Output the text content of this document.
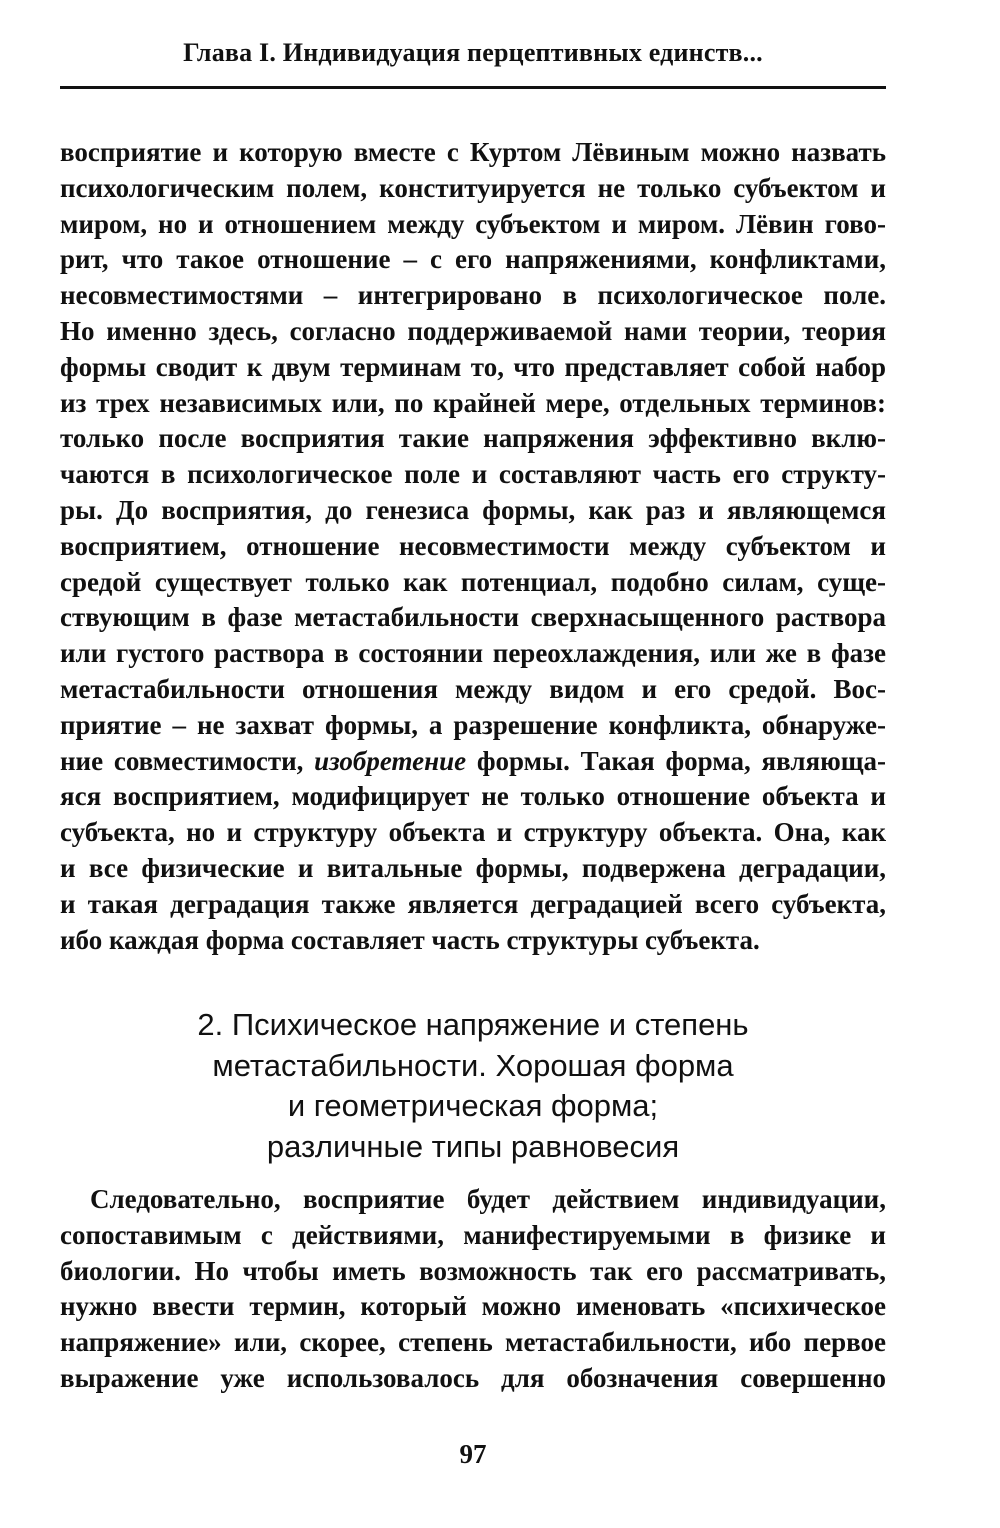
Глава I. Индивидуация перцептивных единств...
восприятие и которую вместе с Куртом Лёвиным можно назвать
психологическим полем, конституируется не только субъектом и
миром, но и отношением между субъектом и миром. Лёвин гово-
рит, что такое отношение – с его напряжениями, конфликтами,
несовместимостями – интегрировано в психологическое поле.
Но именно здесь, согласно поддерживаемой нами теории, теория
формы сводит к двум терминам то, что представляет собой набор
из трех независимых или, по крайней мере, отдельных терминов:
только после восприятия такие напряжения эффективно вклю-
чаются в психологическое поле и составляют часть его структу-
ры. До восприятия, до генезиса формы, как раз и являющемся
восприятием, отношение несовместимости между субъектом и
средой существует только как потенциал, подобно силам, суще-
ствующим в фазе метастабильности сверхнасыщенного раствора
или густого раствора в состоянии переохлаждения, или же в фазе
метастабильности отношения между видом и его средой. Вос-
приятие – не захват формы, а разрешение конфликта, обнаруже-
ние совместимости, изобретение формы. Такая форма, являюща-
яся восприятием, модифицирует не только отношение объекта и
субъекта, но и структуру объекта и структуру объекта. Она, как
и все физические и витальные формы, подвержена деградации,
и такая деградация также является деградацией всего субъекта,
ибо каждая форма составляет часть структуры субъекта.
2. Психическое напряжение и степень
метастабильности. Хорошая форма
и геометрическая форма;
различные типы равновесия
Следовательно, восприятие будет действием индивидуации,
сопоставимым с действиями, манифестируемыми в физике и
биологии. Но чтобы иметь возможность так его рассматривать,
нужно ввести термин, который можно именовать «психическое
напряжение» или, скорее, степень метастабильности, ибо первое
выражение уже использовалось для обозначения совершенно
97
